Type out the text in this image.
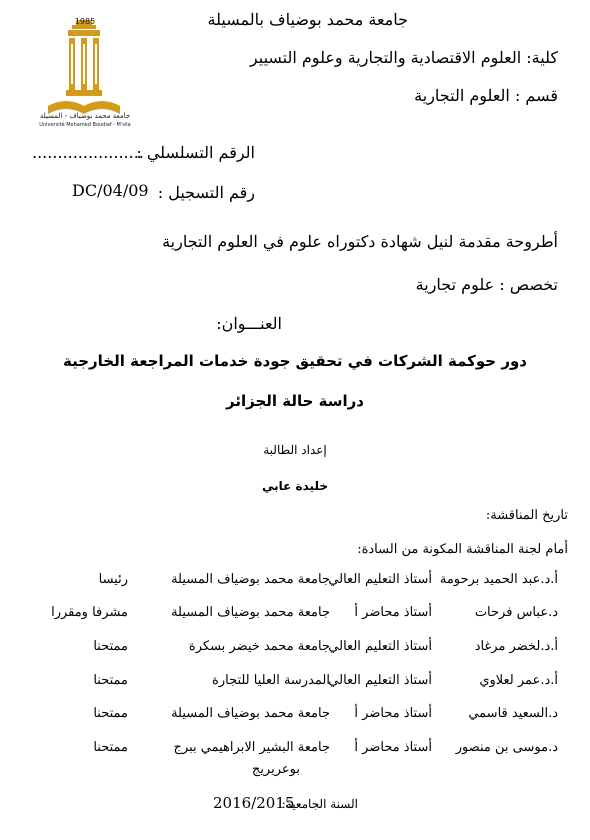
1985
جامعة محمد بوضياف - المسيلة
Université Mohamed Boudiaf - M'sila
جامعة محمد بوضياف بالمسيلة
كلية: العلوم الاقتصادية والتجارية وعلوم التسيير
قسم : العلوم التجارية
الرقم التسلسلي :
......................
رقم التسجيل :
DC/04/09
أطروحة مقدمة لنيل شهادة دكتوراه علوم في العلوم التجارية
تخصص : علوم تجارية
العنـــوان:
دور حوكمة الشركات في تحقيق جودة خدمات المراجعة الخارجية
دراسة حالة الجزائر
إعداد الطالبة
خليدة عابي
تاريخ المناقشة:
أمام لجنة المناقشة المكونة من السادة:
أ.د.عبد الحميد برحومة
أستاذ التعليم العالي
جامعة محمد بوضياف المسيلة
رئيسا
د.عباس فرحات
أستاذ محاضر أ
جامعة محمد بوضياف المسيلة
مشرفا ومقررا
أ.د.لخضر مرغاد
أستاذ التعليم العالي
جامعة محمد خيضر بسكرة
ممتحنا
أ.د.عمر لعلاوي
أستاذ التعليم العالي
المدرسة العليا للتجارة
ممتحنا
د.السعيد قاسمي
أستاذ محاضر أ
جامعة محمد بوضياف المسيلة
ممتحنا
د.موسى بن منصور
أستاذ محاضر أ
جامعة البشير الابراهيمي ببرج
ممتحنا
بوعريريج
السنة الجامعية:
2016/2015
